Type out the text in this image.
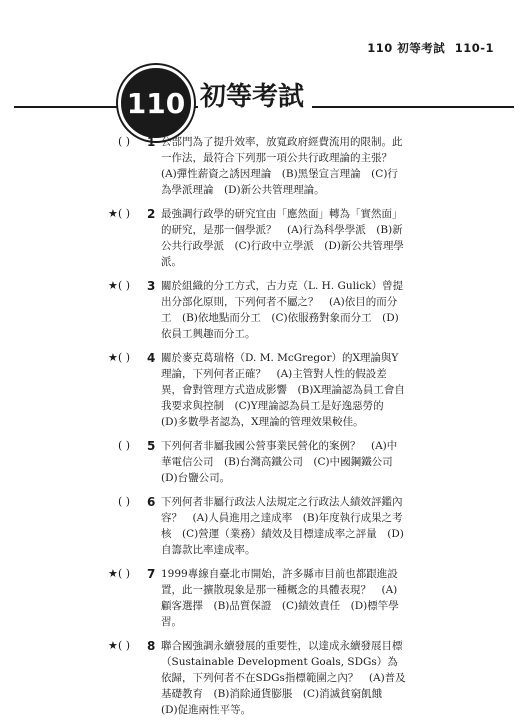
110 初等考試 110-1
110 初等考試
( )	1 公部門為了提升效率，放寬政府經費流用的限制。此一作法，最符合下列那一項公共行政理論的主張？　(A)彈性薪資之誘因理論　(B)黑堡宣言理論　(C)行為學派理論　(D)新公共管理理論。
★ ( )	2 最強調行政學的研究宜由「應然面」轉為「實然面」的研究，是那一個學派？　(A)行為科學學派　(B)新公共行政學派　(C)行政中立學派　(D)新公共管理學派。
★ ( )	3 關於組織的分工方式，古力克（L. H. Gulick）曾提出分部化原則，下列何者不屬之？　(A)依目的而分工　(B)依地點而分工　(C)依服務對象而分工　(D)依員工興趣而分工。
★ ( )	4 關於麥克葛瑞格（D. M. McGregor）的X理論與Y理論，下列何者正確？　(A)主管對人性的假設差異，會對管理方式造成影響　(B)X理論認為員工會自我要求與控制　(C)Y理論認為員工是好逸惡勞的　(D)多數學者認為，X理論的管理效果較佳。
( )	5 下列何者非屬我國公營事業民營化的案例？　(A)中華電信公司　(B)台灣高鐵公司　(C)中國鋼鐵公司　(D)台鹽公司。
( )	6 下列何者非屬行政法人法規定之行政法人績效評鑑內容？　(A)人員進用之達成率　(B)年度執行成果之考核　(C)營運（業務）績效及目標達成率之評量　(D)自籌款比率達成率。
★ ( )	7 1999專線自臺北市開始，許多縣市目前也都跟進設置，此一擴散現象是那一種概念的具體表現？　(A)顧客選擇　(B)品質保證　(C)績效責任　(D)標竿學習。
★ ( )	8 聯合國強調永續發展的重要性，以達成永續發展目標（Sustainable Development Goals, SDGs）為依歸，下列何者不在SDGs指標範圍之內？　(A)普及基礎教育　(B)消除通貨膨脹　(C)消滅貧窮飢餓　(D)促進兩性平等。
